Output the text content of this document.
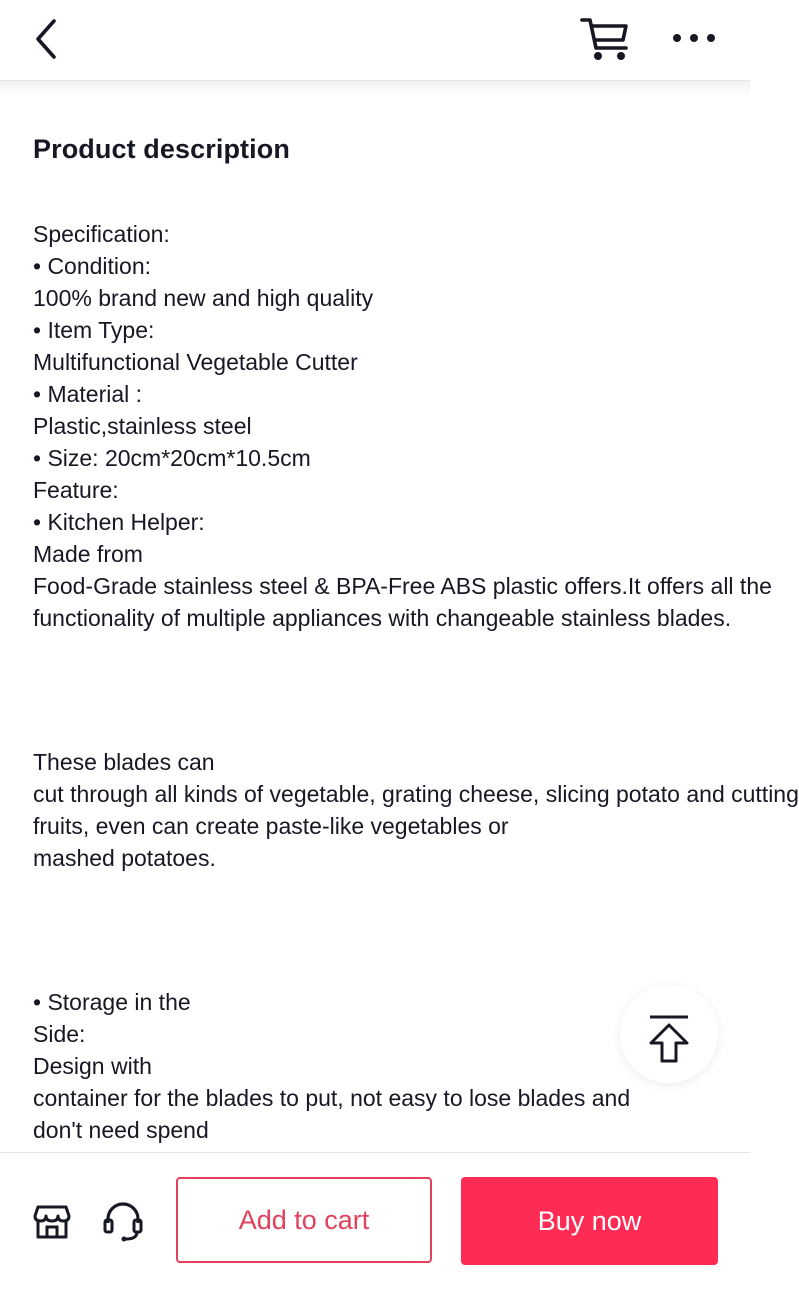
Product description

Specification:

• Condition:

100% brand new and high quality

• Item Type:

Multifunctional Vegetable Cutter

• Material :

Plastic,stainless steel

• Size: 20cm*20cm*10.5cm

Feature:

• Kitchen Helper:

Made from

Food-Grade stainless steel & BPA-Free ABS plastic offers.It offers all the

functionality of multiple appliances with changeable stainless blades.

These blades can

cut through all kinds of vegetable, grating cheese, slicing potato and cutting

fruits, even can create paste-like vegetables or

mashed potatoes.

• Storage in the

Side:

Design with

container for the blades to put, not easy to lose blades and

don't need spend

Add to cart	Buy now
